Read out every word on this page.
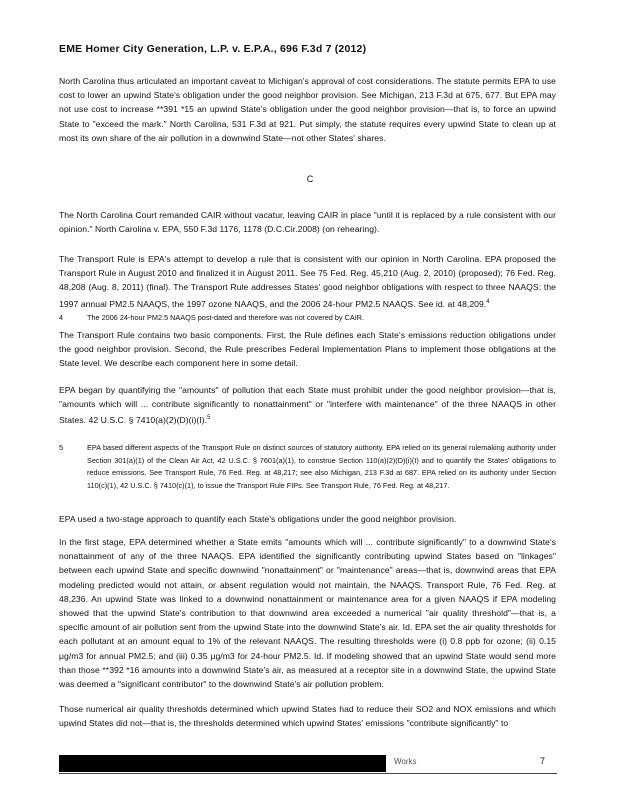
EME Homer City Generation, L.P. v. E.P.A., 696 F.3d 7 (2012)
North Carolina thus articulated an important caveat to Michigan's approval of cost considerations. The statute permits EPA to use cost to lower an upwind State's obligation under the good neighbor provision. See Michigan, 213 F.3d at 675, 677. But EPA may not use cost to increase **391 *15 an upwind State's obligation under the good neighbor provision—that is, to force an upwind State to "exceed the mark." North Carolina, 531 F.3d at 921. Put simply, the statute requires every upwind State to clean up at most its own share of the air pollution in a downwind State—not other States' shares.
C
The North Carolina Court remanded CAIR without vacatur, leaving CAIR in place "until it is replaced by a rule consistent with our opinion." North Carolina v. EPA, 550 F.3d 1176, 1178 (D.C.Cir.2008) (on rehearing).
The Transport Rule is EPA's attempt to develop a rule that is consistent with our opinion in North Carolina. EPA proposed the Transport Rule in August 2010 and finalized it in August 2011. See 75 Fed. Reg. 45,210 (Aug. 2, 2010) (proposed); 76 Fed. Reg. 48,208 (Aug. 8, 2011) (final). The Transport Rule addresses States' good neighbor obligations with respect to three NAAQS: the 1997 annual PM2.5 NAAQS, the 1997 ozone NAAQS, and the 2006 24-hour PM2.5 NAAQS. See id. at 48,209.$^4$
4	The 2006 24-hour PM2.5 NAAQS post-dated and therefore was not covered by CAIR.
The Transport Rule contains two basic components. First, the Rule defines each State's emissions reduction obligations under the good neighbor provision. Second, the Rule prescribes Federal Implementation Plans to implement those obligations at the State level. We describe each component here in some detail.
EPA began by quantifying the "amounts" of pollution that each State must prohibit under the good neighbor provision—that is, "amounts which will ... contribute significantly to nonattainment" or "interfere with maintenance" of the three NAAQS in other States. 42 U.S.C. § 7410(a)(2)(D)(i)(I).$^5$
5	EPA based different aspects of the Transport Rule on distinct sources of statutory authority. EPA relied on its general rulemaking authority under Section 301(a)(1) of the Clean Air Act, 42 U.S.C. § 7601(a)(1), to construe Section 110(a)(2)(D)(i)(I) and to quantify the States' obligations to reduce emissions. See Transport Rule, 76 Fed. Reg. at 48,217; see also Michigan, 213 F.3d at 687. EPA relied on its authority under Section 110(c)(1), 42 U.S.C. § 7410(c)(1), to issue the Transport Rule FIPs. See Transport Rule, 76 Fed. Reg. at 48,217.
EPA used a two-stage approach to quantify each State's obligations under the good neighbor provision.
In the first stage, EPA determined whether a State emits "amounts which will ... contribute significantly" to a downwind State's nonattainment of any of the three NAAQS. EPA identified the significantly contributing upwind States based on "linkages" between each upwind State and specific downwind "nonattainment" or "maintenance" areas—that is, downwind areas that EPA modeling predicted would not attain, or absent regulation would not maintain, the NAAQS. Transport Rule, 76 Fed. Reg. at 48,236. An upwind State was linked to a downwind nonattainment or maintenance area for a given NAAQS if EPA modeling showed that the upwind State's contribution to that downwind area exceeded a numerical "air quality threshold"—that is, a specific amount of air pollution sent from the upwind State into the downwind State's air. Id. EPA set the air quality thresholds for each pollutant at an amount equal to 1% of the relevant NAAQS. The resulting thresholds were (i) 0.8 ppb for ozone; (ii) 0.15 μg/m3 for annual PM2.5; and (iii) 0.35 μg/m3 for 24-hour PM2.5. Id. If modeling showed that an upwind State would send more than those **392 *16 amounts into a downwind State's air, as measured at a receptor site in a downwind State, the upwind State was deemed a "significant contributor" to the downwind State's air pollution problem.
Those numerical air quality thresholds determined which upwind States had to reduce their SO2 and NOX emissions and which upwind States did not—that is, the thresholds determined which upwind States' emissions "contribute significantly" to
Works	7
